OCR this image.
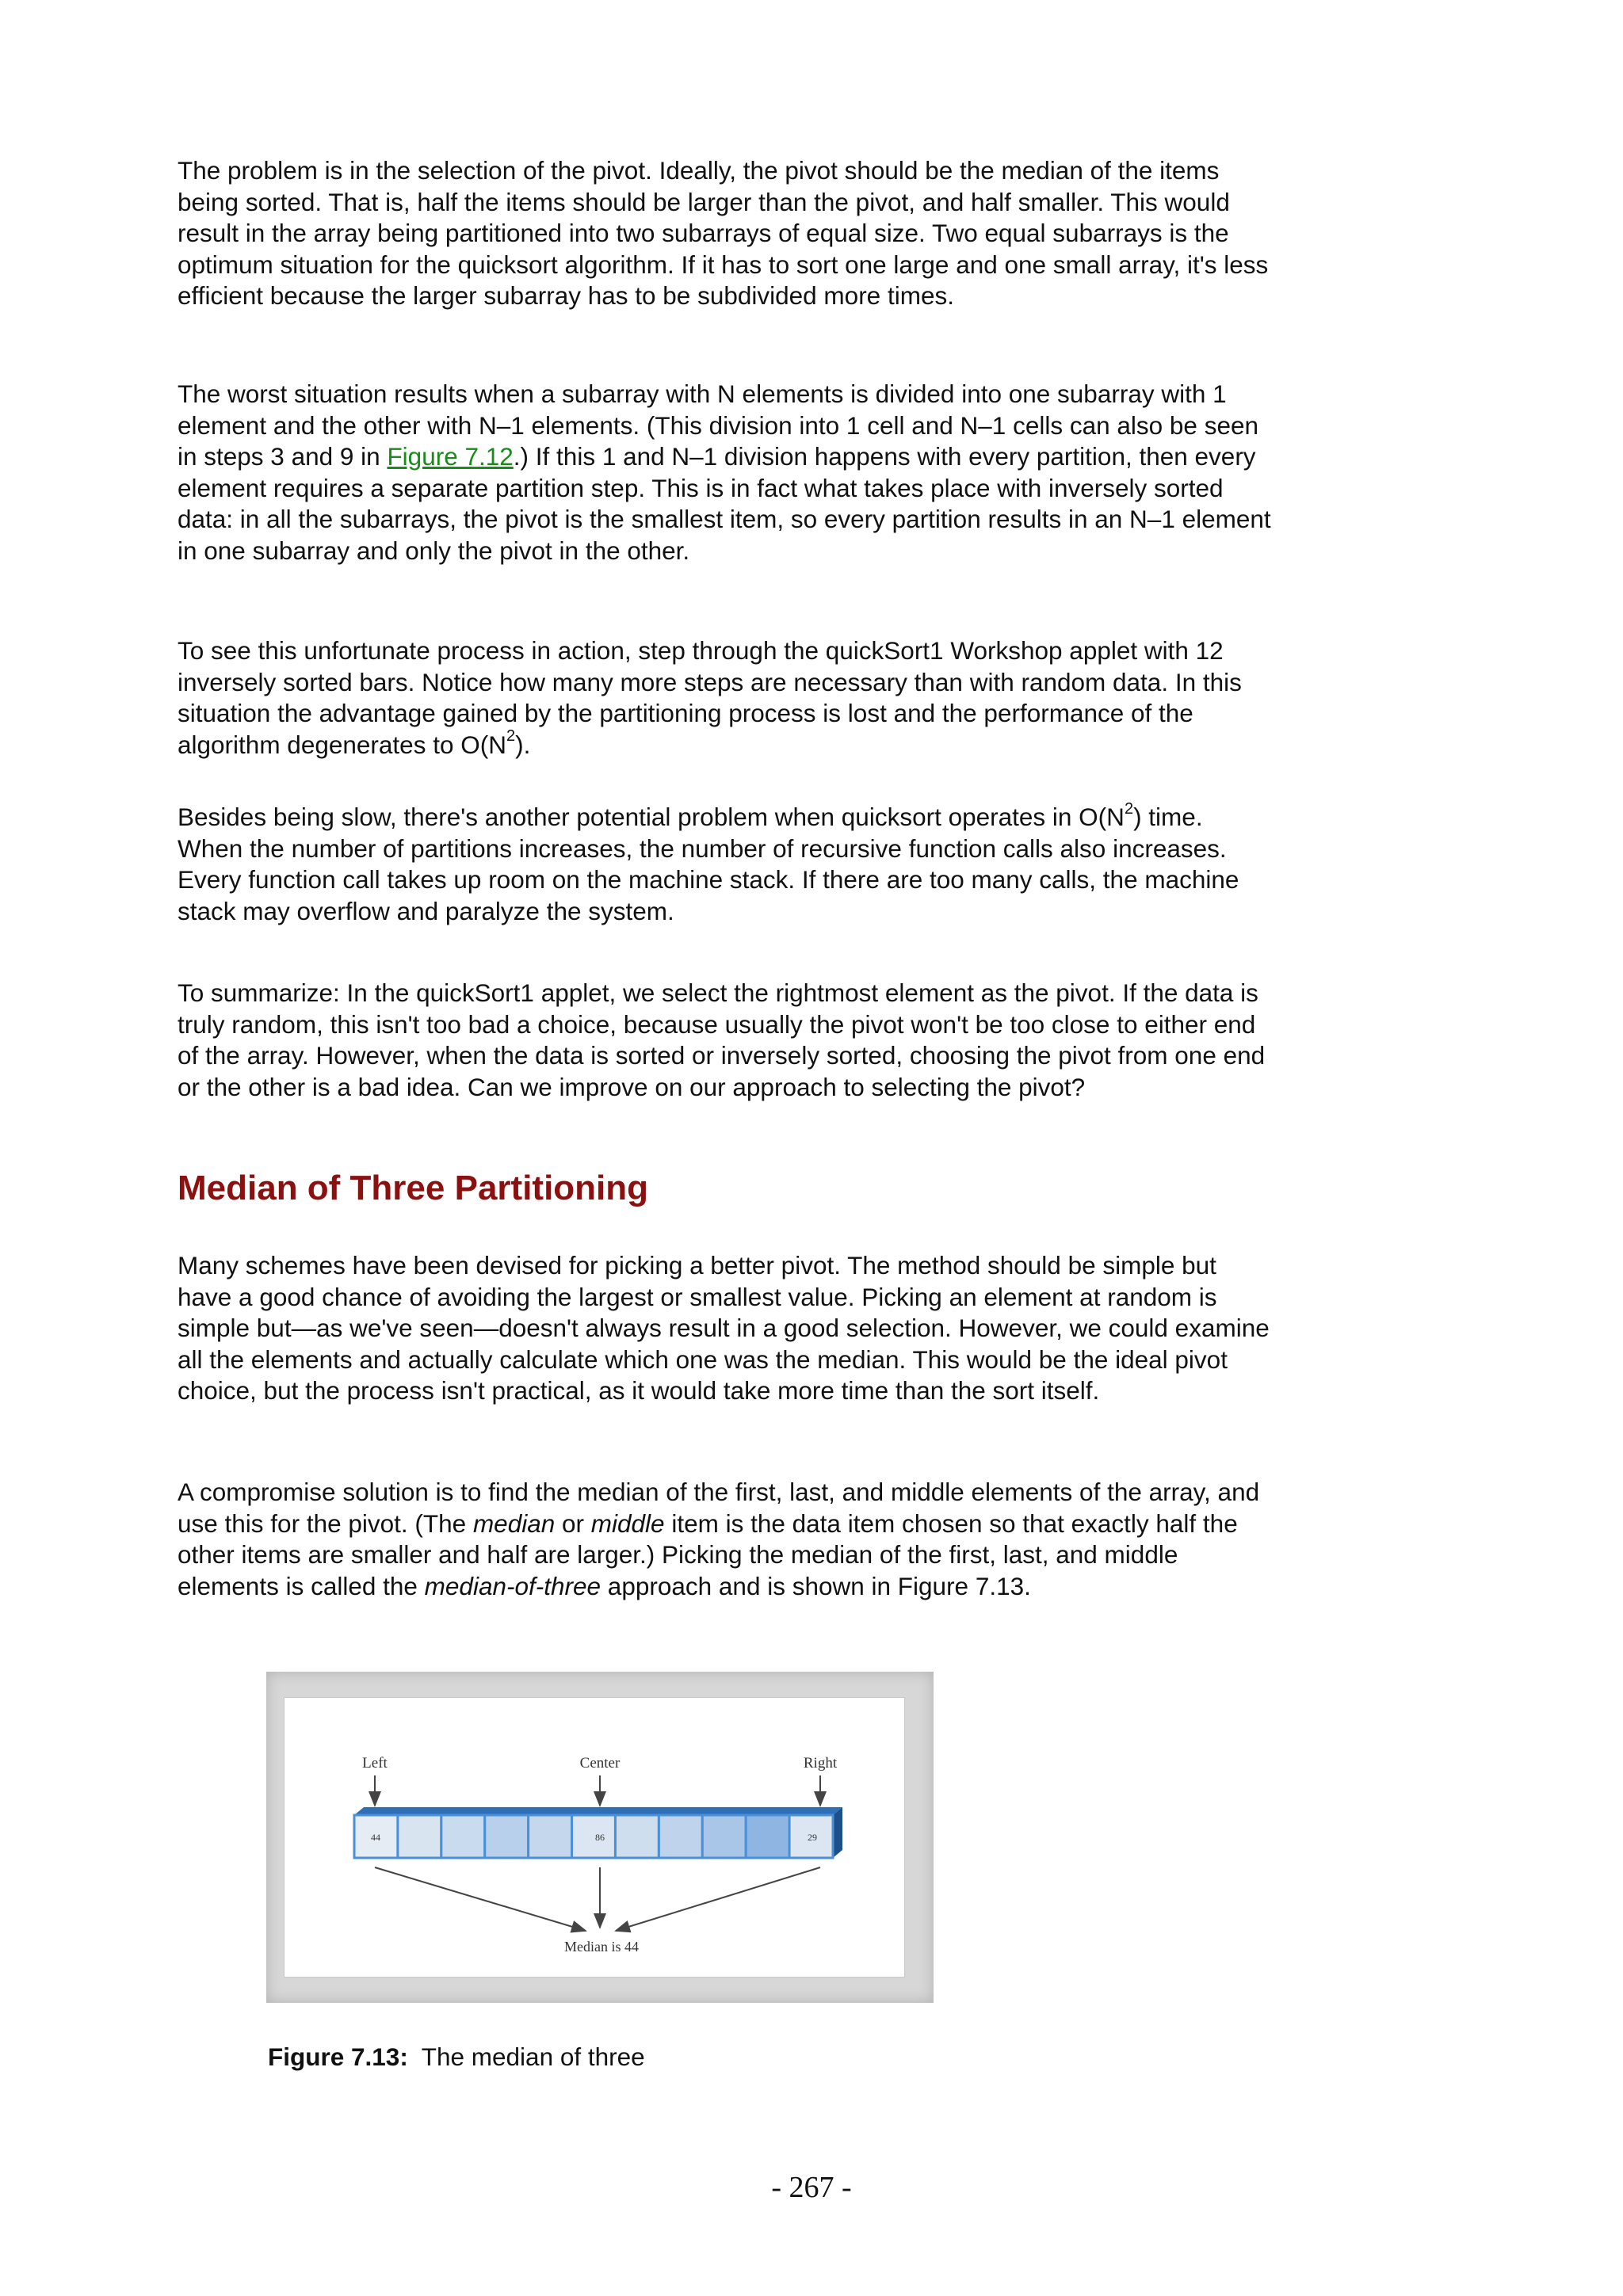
The problem is in the selection of the pivot. Ideally, the pivot should be the median of the items being sorted. That is, half the items should be larger than the pivot, and half smaller. This would result in the array being partitioned into two subarrays of equal size. Two equal subarrays is the optimum situation for the quicksort algorithm. If it has to sort one large and one small array, it's less efficient because the larger subarray has to be subdivided more times.

The worst situation results when a subarray with N elements is divided into one subarray with 1 element and the other with N–1 elements. (This division into 1 cell and N–1 cells can also be seen in steps 3 and 9 in Figure 7.12.) If this 1 and N–1 division happens with every partition, then every element requires a separate partition step. This is in fact what takes place with inversely sorted data: in all the subarrays, the pivot is the smallest item, so every partition results in an N–1 element in one subarray and only the pivot in the other.

To see this unfortunate process in action, step through the quickSort1 Workshop applet with 12 inversely sorted bars. Notice how many more steps are necessary than with random data. In this situation the advantage gained by the partitioning process is lost and the performance of the algorithm degenerates to $O(N^2)$.

Besides being slow, there's another potential problem when quicksort operates in $O(N^2)$ time. When the number of partitions increases, the number of recursive function calls also increases. Every function call takes up room on the machine stack. If there are too many calls, the machine stack may overflow and paralyze the system.

To summarize: In the quickSort1 applet, we select the rightmost element as the pivot. If the data is truly random, this isn't too bad a choice, because usually the pivot won't be too close to either end of the array. However, when the data is sorted or inversely sorted, choosing the pivot from one end or the other is a bad idea. Can we improve on our approach to selecting the pivot?

Median of Three Partitioning

Many schemes have been devised for picking a better pivot. The method should be simple but have a good chance of avoiding the largest or smallest value. Picking an element at random is simple but—as we've seen—doesn't always result in a good selection. However, we could examine all the elements and actually calculate which one was the median. This would be the ideal pivot choice, but the process isn't practical, as it would take more time than the sort itself.

A compromise solution is to find the median of the first, last, and middle elements of the array, and use this for the pivot. (The median or middle item is the data item chosen so that exactly half the other items are smaller and half are larger.) Picking the median of the first, last, and middle elements is called the median-of-three approach and is shown in Figure 7.13.

Left	Center	Right
44	86	29
Median is 44

Figure 7.13: The median of three

- 267 -
